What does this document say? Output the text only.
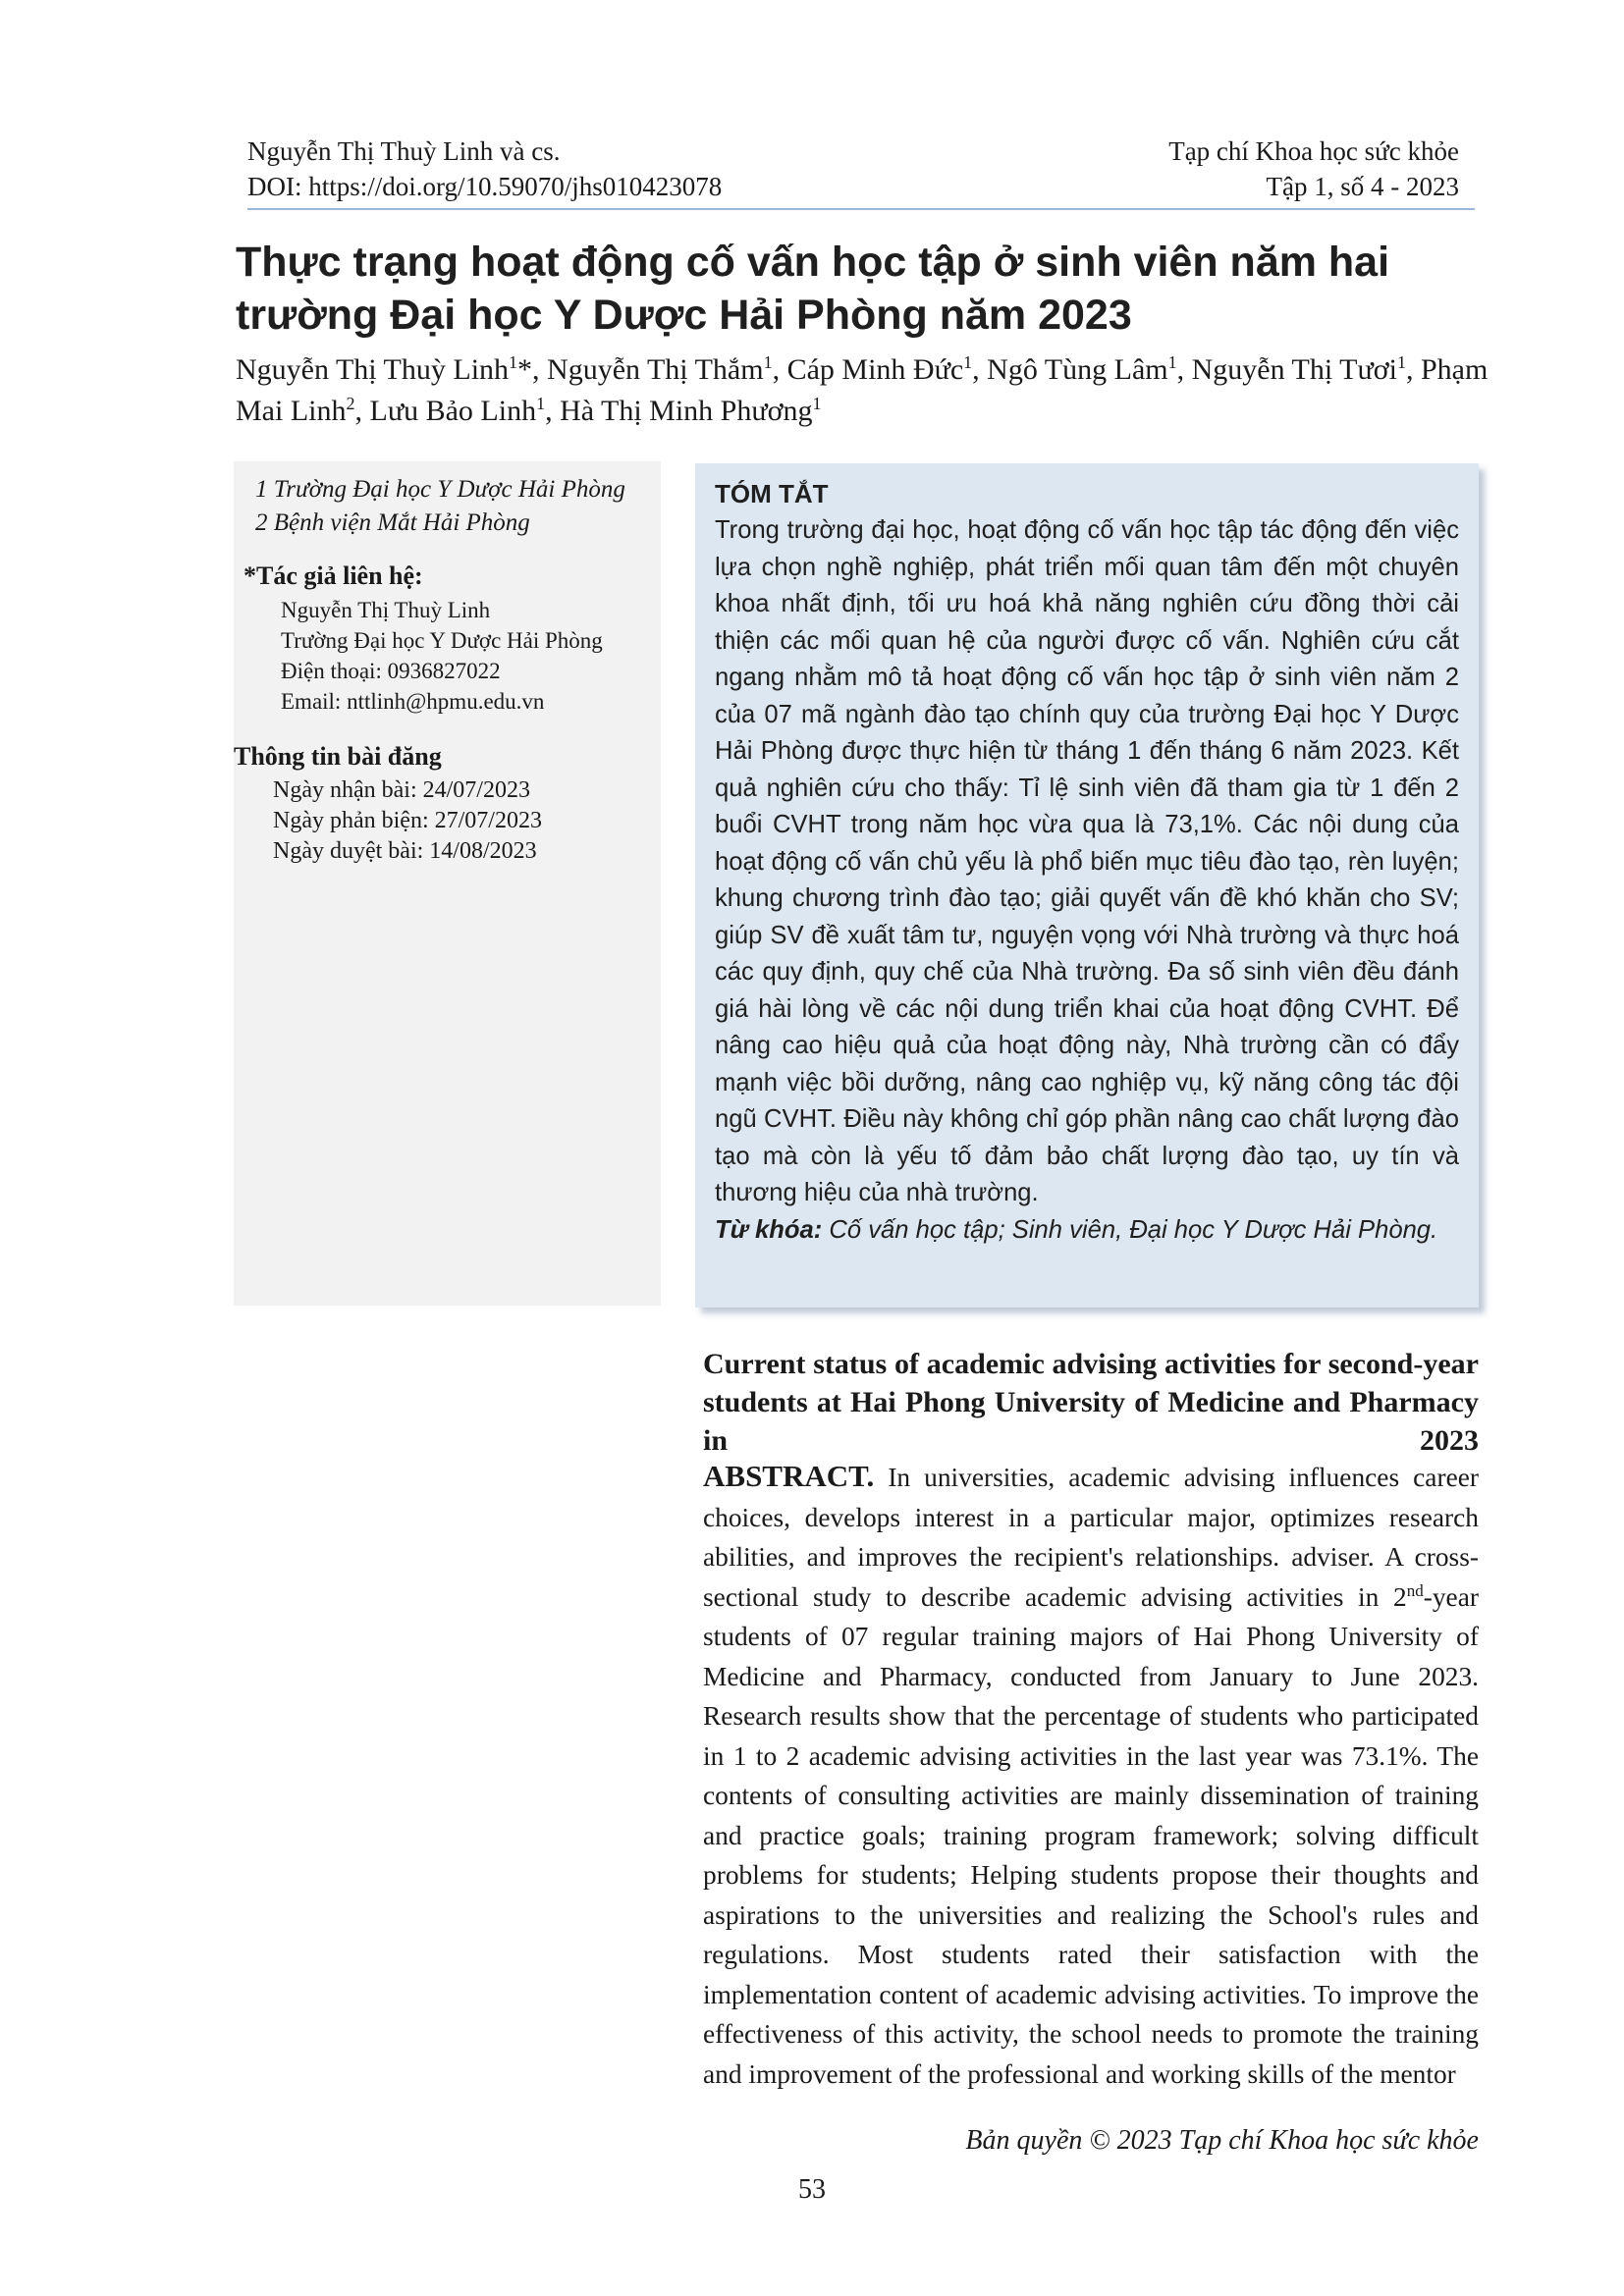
Nguyễn Thị Thuỳ Linh và cs.
DOI: https://doi.org/10.59070/jhs010423078
Tạp chí Khoa học sức khỏe
Tập 1, số 4 - 2023
Thực trạng hoạt động cố vấn học tập ở sinh viên năm hai trường Đại học Y Dược Hải Phòng năm 2023
Nguyễn Thị Thuỳ Linh$^1$*, Nguyễn Thị Thắm$^1$, Cáp Minh Đức$^1$, Ngô Tùng Lâm$^1$, Nguyễn Thị Tươi$^1$, Phạm Mai Linh$^2$, Lưu Bảo Linh$^1$, Hà Thị Minh Phương$^1$

1 Trường Đại học Y Dược Hải Phòng

2 Bệnh viện Mắt Hải Phòng

*Tác giả liên hệ:
Nguyễn Thị Thuỳ Linh
Trường Đại học Y Dược Hải Phòng
Điện thoại: 0936827022
Email: nttlinh@hpmu.edu.vn
Thông tin bài đăng
Ngày nhận bài: 24/07/2023
Ngày phản biện: 27/07/2023
Ngày duyệt bài: 14/08/2023
TÓM TẮT
Trong trường đại học, hoạt động cố vấn học tập tác động đến việc lựa chọn nghề nghiệp, phát triển mối quan tâm đến một chuyên khoa nhất định, tối ưu hoá khả năng nghiên cứu đồng thời cải thiện các mối quan hệ của người được cố vấn. Nghiên cứu cắt ngang nhằm mô tả hoạt động cố vấn học tập ở sinh viên năm 2 của 07 mã ngành đào tạo chính quy của trường Đại học Y Dược Hải Phòng được thực hiện từ tháng 1 đến tháng 6 năm 2023. Kết quả nghiên cứu cho thấy: Tỉ lệ sinh viên đã tham gia từ 1 đến 2 buổi CVHT trong năm học vừa qua là 73,1%. Các nội dung của hoạt động cố vấn chủ yếu là phổ biến mục tiêu đào tạo, rèn luyện; khung chương trình đào tạo; giải quyết vấn đề khó khăn cho SV; giúp SV đề xuất tâm tư, nguyện vọng với Nhà trường và thực hoá các quy định, quy chế của Nhà trường. Đa số sinh viên đều đánh giá hài lòng về các nội dung triển khai của hoạt động CVHT. Để nâng cao hiệu quả của hoạt động này, Nhà trường cần có đẩy mạnh việc bồi dưỡng, nâng cao nghiệp vụ, kỹ năng công tác đội ngũ CVHT. Điều này không chỉ góp phần nâng cao chất lượng đào tạo mà còn là yếu tố đảm bảo chất lượng đào tạo, uy tín và thương hiệu của nhà trường.
Từ khóa: Cố vấn học tập; Sinh viên, Đại học Y Dược Hải Phòng.
Current status of academic advising activities for second-year students at Hai Phong University of Medicine and Pharmacy in 2023
ABSTRACT. In universities, academic advising influences career choices, develops interest in a particular major, optimizes research abilities, and improves the recipient's relationships. adviser. A cross-sectional study to describe academic advising activities in 2nd-year students of 07 regular training majors of Hai Phong University of Medicine and Pharmacy, conducted from January to June 2023. Research results show that the percentage of students who participated in 1 to 2 academic advising activities in the last year was 73.1%. The contents of consulting activities are mainly dissemination of training and practice goals; training program framework; solving difficult problems for students; Helping students propose their thoughts and aspirations to the universities and realizing the School's rules and regulations. Most students rated their satisfaction with the implementation content of academic advising activities. To improve the effectiveness of this activity, the school needs to promote the training and improvement of the professional and working skills of the mentor
Bản quyền © 2023 Tạp chí Khoa học sức khỏe
53
